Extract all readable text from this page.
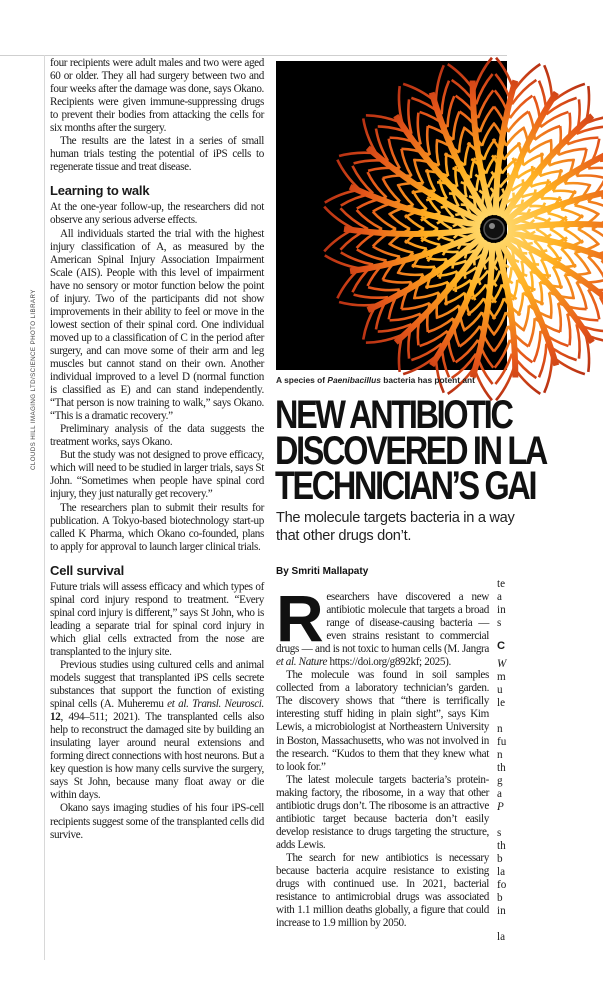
CLOUDS HILL IMAGING LTD/SCIENCE PHOTO LIBRARY

four recipients were adult males and two were aged 60 or older. They all had surgery between two and four weeks after the damage was done, says Okano. Recipients were given immune-suppressing drugs to prevent their bodies from attacking the cells for six months after the surgery.

The results are the latest in a series of small human trials testing the potential of iPS cells to regenerate tissue and treat disease.

Learning to walk

At the one-year follow-up, the researchers did not observe any serious adverse effects.

All individuals started the trial with the highest injury classification of A, as measured by the American Spinal Injury Association Impairment Scale (AIS). People with this level of impairment have no sensory or motor function below the point of injury. Two of the participants did not show improvements in their ability to feel or move in the lowest section of their spinal cord. One individual moved up to a classification of C in the period after surgery, and can move some of their arm and leg muscles but cannot stand on their own. Another individual improved to a level D (normal function is classified as E) and can stand independently. “That person is now training to walk,” says Okano. “This is a dramatic recovery.”

Preliminary analysis of the data suggests the treatment works, says Okano.

But the study was not designed to prove efficacy, which will need to be studied in larger trials, says St John. “Sometimes when people have spinal cord injury, they just naturally get recovery.”

The researchers plan to submit their results for publication. A Tokyo-based biotechnology start-up called K Pharma, which Okano co-founded, plans to apply for approval to launch larger clinical trials.

Cell survival

Future trials will assess efficacy and which types of spinal cord injury respond to treatment. “Every spinal cord injury is different,” says St John, who is leading a separate trial for spinal cord injury in which glial cells extracted from the nose are transplanted to the injury site.

Previous studies using cultured cells and animal models suggest that transplanted iPS cells secrete substances that support the function of existing spinal cells (A. Muheremu et al. Transl. Neurosci. 12, 494–511; 2021). The transplanted cells also help to reconstruct the damaged site by building an insulating layer around neural extensions and forming direct connections with host neurons. But a key question is how many cells survive the surgery, says St John, because many float away or die within days.

Okano says imaging studies of his four iPS-cell recipients suggest some of the transplanted cells did survive.

A species of Paenibacillus bacteria has potent ant
NEW ANTIBIOTIC
DISCOVERED IN LA
TECHNICIAN’S GAI
The molecule targets bacteria in a way that other drugs don’t.
By Smriti Mallapaty

Researchers have discovered a new antibiotic molecule that targets a broad range of disease-causing bacteria — even strains resistant to commercial drugs — and is not toxic to human cells (M. Jangra et al. Nature https://doi.org/g892kf; 2025).

The molecule was found in soil samples collected from a laboratory technician’s garden. The discovery shows that “there is terrifically interesting stuff hiding in plain sight”, says Kim Lewis, a microbiologist at Northeastern University in Boston, Massachusetts, who was not involved in the research. “Kudos to them that they knew what to look for.”

The latest molecule targets bacteria’s protein-making factory, the ribosome, in a way that other antibiotic drugs don’t. The ribosome is an attractive antibiotic target because bacteria don’t easily develop resistance to drugs targeting the structure, adds Lewis.

The search for new antibiotics is necessary because bacteria acquire resistance to existing drugs with continued use. In 2021, bacterial resistance to antimicrobial drugs was associated with 1.1 million deaths globally, a figure that could increase to 1.9 million by 2050.

te
a
in
s
C
W
m
u
le
n
fu
n
th
g
a
P
s
th
b
la
fo
b
in
la
